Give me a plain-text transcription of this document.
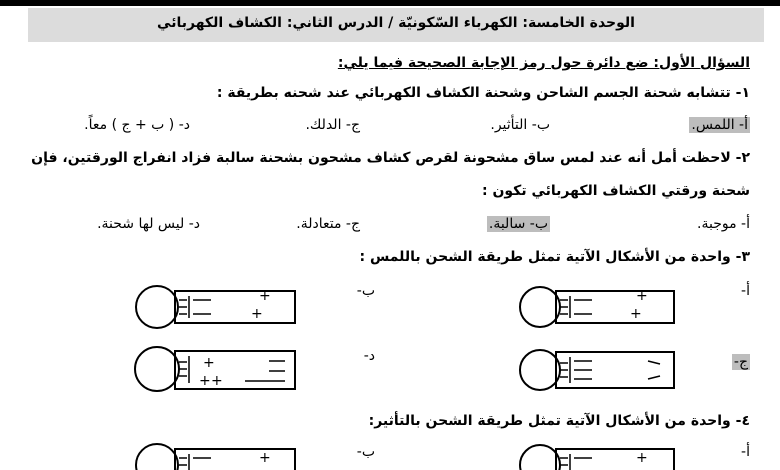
الوحدة الخامسة: الكهرباء السّكونيّة / الدرس الثاني: الكشاف الكهربائي
السؤال الأول: ضع دائرة حول رمز الإجابة الصحيحة فيما يلي:
١- تتشابه شحنة الجسم الشاحن وشحنة الكشاف الكهربائي عند شحنه بطريقة :
أ- اللمس.
ب- التأثير.
ج- الدلك.
د- ( ب + ج ) معاً.
٢- لاحظت أمل أنه عند لمس ساق مشحونة لقرص كشاف مشحون بشحنة سالبة فزاد انفراج الورقتين، فإن
شحنة ورقتي الكشاف الكهربائي تكون :
أ- موجبة.
ب- سالبة.
ج- متعادلة.
د- ليس لها شحنة.
٣- واحدة من الأشكال الآتية تمثل طريقة الشحن باللمس :
أ-
ب-
ج-
د-
+
+
+
+
+
+ +
٤- واحدة من الأشكال الآتية تمثل طريقة الشحن بالتأثير:
أ-
ب-	+
+
